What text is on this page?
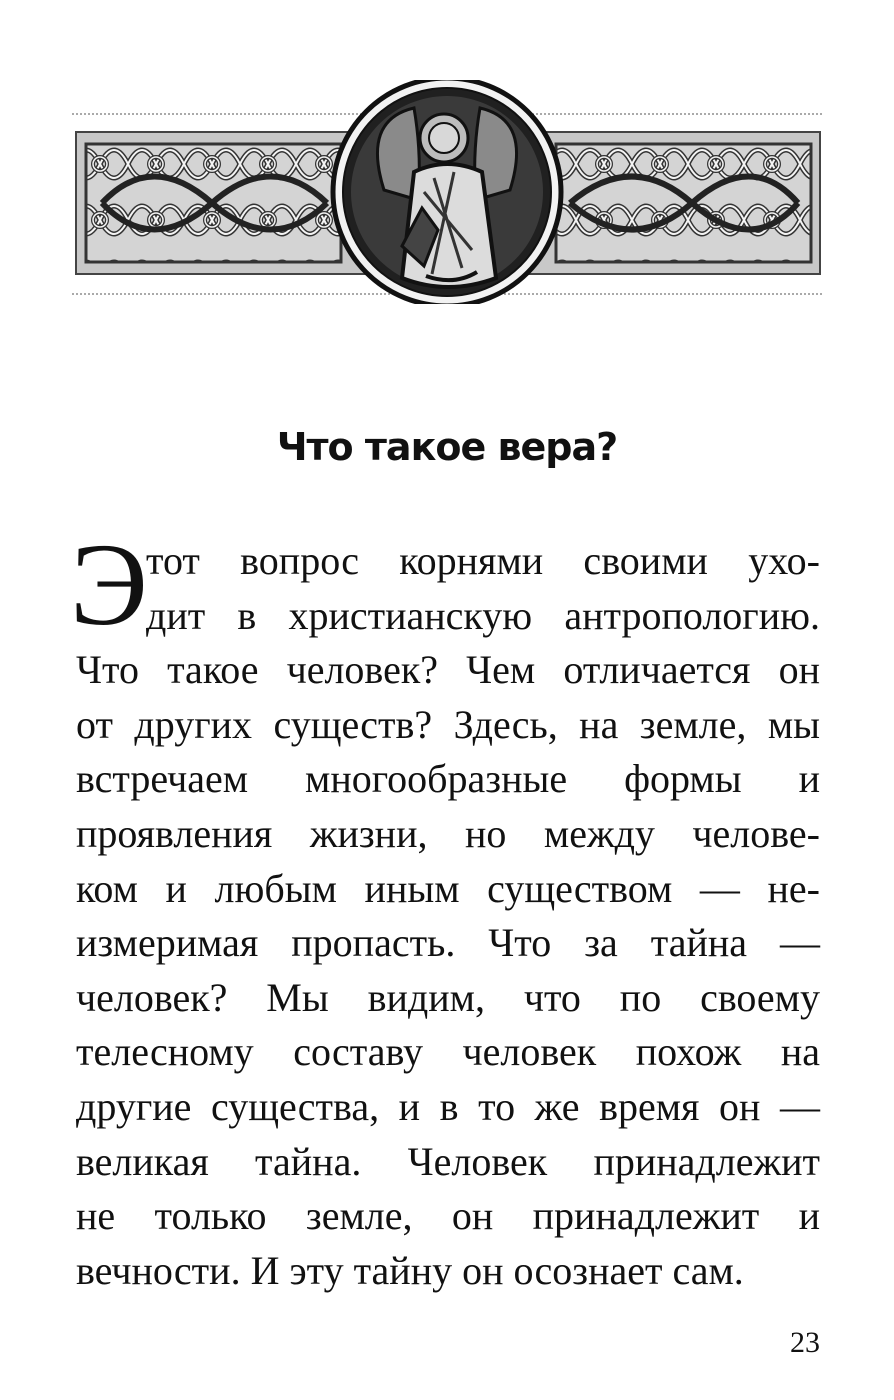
Что такое вера?
Э
тот вопрос корнями своими ухо-
дит в христианскую антропологию.
Что такое человек? Чем отличается он
от других существ? Здесь, на земле, мы
встречаем многообразные формы и
проявления жизни, но между челове-
ком и любым иным существом — не-
измеримая пропасть. Что за тайна —
человек? Мы видим, что по своему
телесному составу человек похож на
другие существа, и в то же время он —
великая тайна. Человек принадлежит
не только земле, он принадлежит и
вечности. И эту тайну он осознает сам.
23
